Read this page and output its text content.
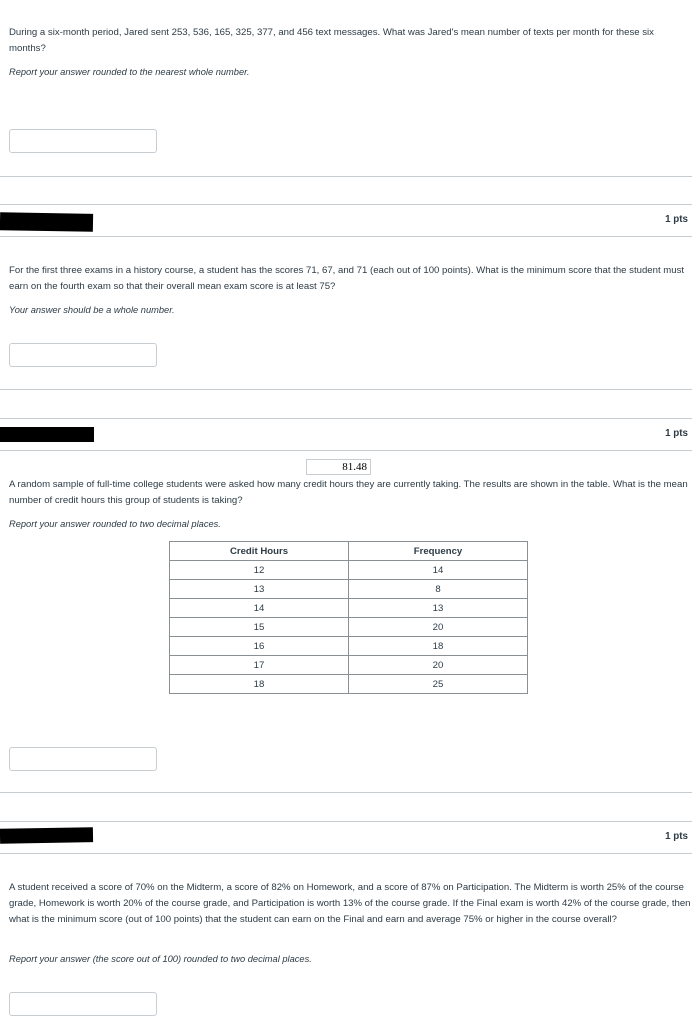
During a six-month period, Jared sent 253, 536, 165, 325, 377, and 456 text messages. What was Jared's mean number of texts per month for these six months?
Report your answer rounded to the nearest whole number.
1 pts
For the first three exams in a history course, a student has the scores 71, 67, and 71 (each out of 100 points). What is the minimum score that the student must earn on the fourth exam so that their overall mean exam score is at least 75?
Your answer should be a whole number.
1 pts
81.48
A random sample of full-time college students were asked how many credit hours they are currently taking. The results are shown in the table. What is the mean number of credit hours this group of students is taking?
Report your answer rounded to two decimal places.
Credit Hours	Frequency
12	14
13	8
14	13
15	20
16	18
17	20
18	25
1 pts
A student received a score of 70% on the Midterm, a score of 82% on Homework, and a score of 87% on Participation. The Midterm is worth 25% of the course grade, Homework is worth 20% of the course grade, and Participation is worth 13% of the course grade. If the Final exam is worth 42% of the course grade, then what is the minimum score (out of 100 points) that the student can earn on the Final and earn and average 75% or higher in the course overall?
Report your answer (the score out of 100) rounded to two decimal places.
